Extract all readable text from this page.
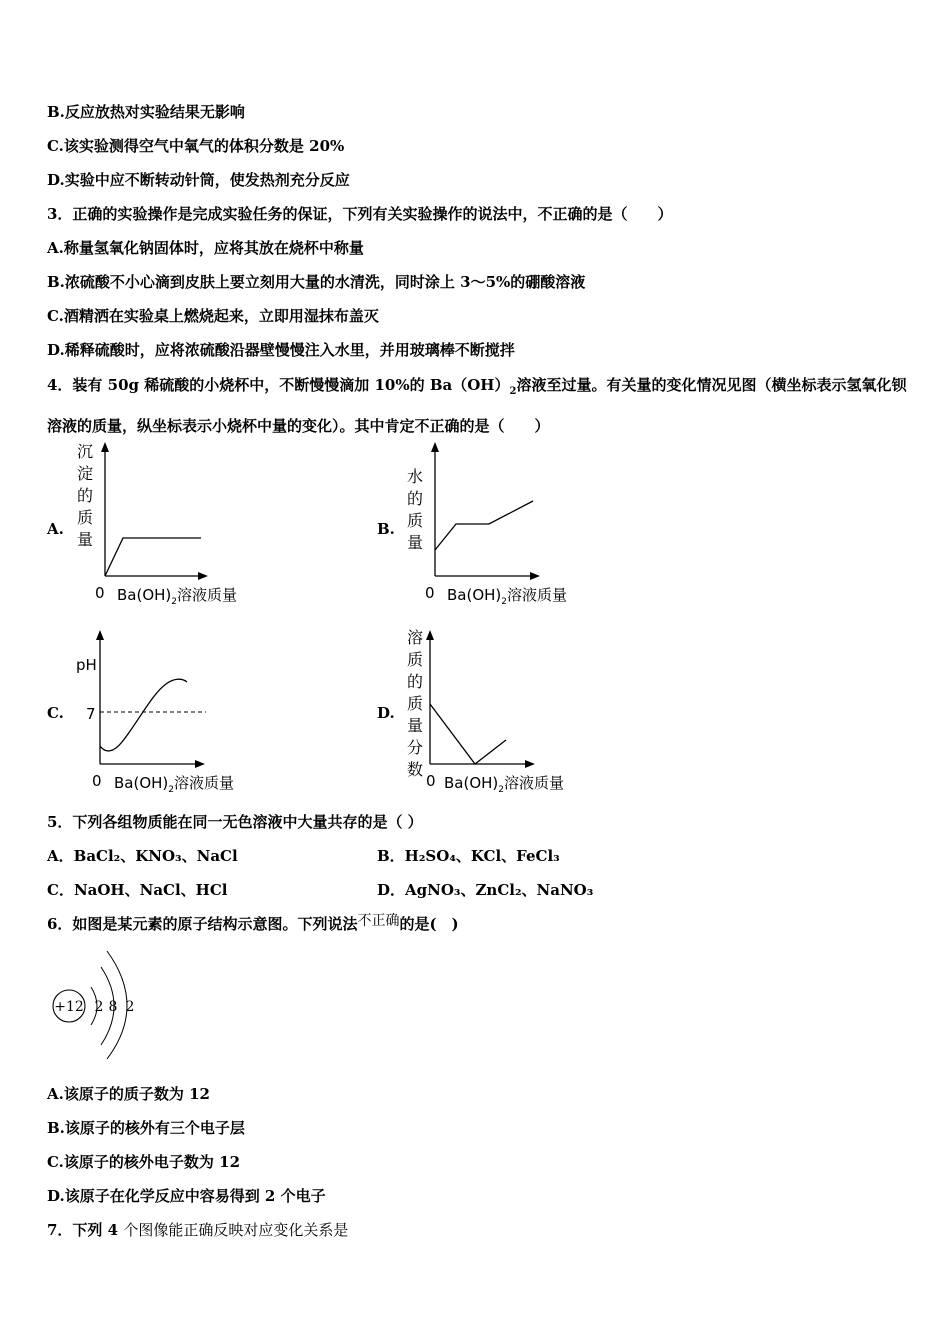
B.反应放热对实验结果无影响
C.该实验测得空气中氧气的体积分数是 20%
D.实验中应不断转动针筒，使发热剂充分反应
3．正确的实验操作是完成实验任务的保证，下列有关实验操作的说法中，不正确的是（　　）
A.称量氢氧化钠固体时，应将其放在烧杯中称量
B.浓硫酸不小心滴到皮肤上要立刻用大量的水清洗，同时涂上 3～5%的硼酸溶液
C.酒精洒在实验桌上燃烧起来，立即用湿抹布盖灭
D.稀释硫酸时，应将浓硫酸沿器壁慢慢注入水里，并用玻璃棒不断搅拌
4．装有 50g 稀硫酸的小烧杯中，不断慢慢滴加 10%的 $Ba(OH)_2$溶液至过量。有关量的变化情况见图（横坐标表示氢氧化钡溶液的质量，纵坐标表示小烧杯中量的变化）。其中肯定不正确的是（　　）
A.
沉
淀
的
质
量
0 $Ba(OH)_2$溶液质量
B.
水
的
质
量
0 $Ba(OH)_2$溶液质量
C.
pH
7
0 $Ba(OH)_2$溶液质量
D.
溶
质
的
质
量
分
数
0 $Ba(OH)_2$溶液质量
5．下列各组物质能在同一无色溶液中大量共存的是（ ）
A．BaCl₂、KNO₃、NaCl	B．H₂SO₄、KCl、FeCl₃
C．NaOH、NaCl、HCl	D．AgNO₃、ZnCl₂、NaNO₃
6．如图是某元素的原子结构示意图。下列说法不正确的是(　)
+12 2 8 2
A.该原子的质子数为 12
B.该原子的核外有三个电子层
C.该原子的核外电子数为 12
D.该原子在化学反应中容易得到 2 个电子
7．下列 4 个图像能正确反映对应变化关系是
